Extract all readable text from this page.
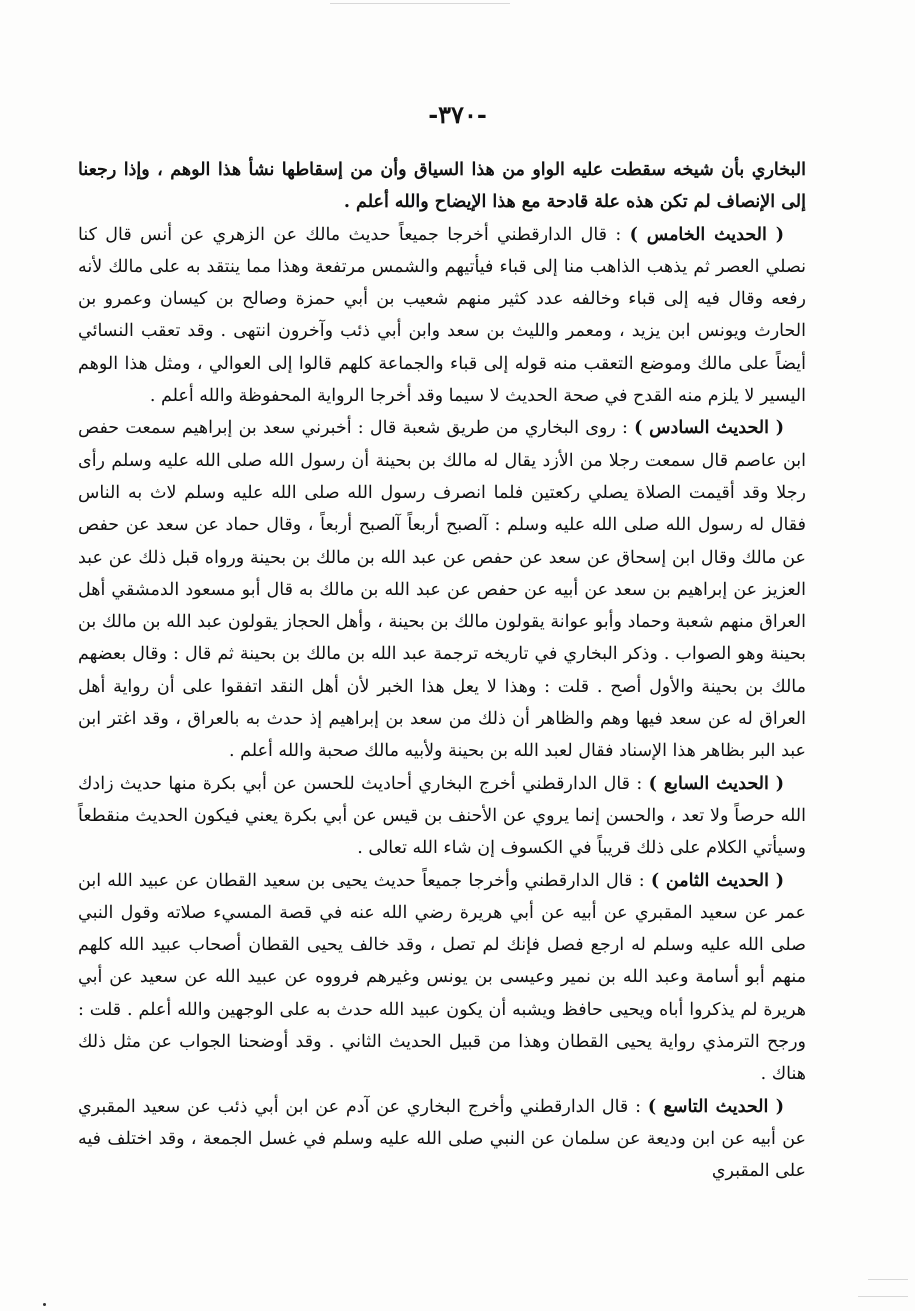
-٣٧٠-

البخاري بأن شيخه سقطت عليه الواو من هذا السياق وأن من إسقاطها نشأ هذا الوهم ، وإذا رجعنا إلى الإنصاف لم تكن هذه علة قادحة مع هذا الإيضاح والله أعلم .

( الحديث الخامس ) : قال الدارقطني أخرجا جميعاً حديث مالك عن الزهري عن أنس قال كنا نصلي العصر ثم يذهب الذاهب منا إلى قباء فيأتيهم والشمس مرتفعة وهذا مما ينتقد به على مالك لأنه رفعه وقال فيه إلى قباء وخالفه عدد كثير منهم شعيب بن أبي حمزة وصالح بن كيسان وعمرو بن الحارث ويونس ابن يزيد ، ومعمر والليث بن سعد وابن أبي ذئب وآخرون انتهى . وقد تعقب النسائي أيضاً على مالك وموضع التعقب منه قوله إلى قباء والجماعة كلهم قالوا إلى العوالي ، ومثل هذا الوهم اليسير لا يلزم منه القدح في صحة الحديث لا سيما وقد أخرجا الرواية المحفوظة والله أعلم .

( الحديث السادس ) : روى البخاري من طريق شعبة قال : أخبرني سعد بن إبراهيم سمعت حفص ابن عاصم قال سمعت رجلا من الأزد يقال له مالك بن بحينة أن رسول الله صلى الله عليه وسلم رأى رجلا وقد أقيمت الصلاة يصلي ركعتين فلما انصرف رسول الله صلى الله عليه وسلم لاث به الناس فقال له رسول الله صلى الله عليه وسلم : آلصبح أربعاً آلصبح أربعاً ، وقال حماد عن سعد عن حفص عن مالك وقال ابن إسحاق عن سعد عن حفص عن عبد الله بن مالك بن بحينة ورواه قبل ذلك عن عبد العزيز عن إبراهيم بن سعد عن أبيه عن حفص عن عبد الله بن مالك به قال أبو مسعود الدمشقي أهل العراق منهم شعبة وحماد وأبو عوانة يقولون مالك بن بحينة ، وأهل الحجاز يقولون عبد الله بن مالك بن بحينة وهو الصواب . وذكر البخاري في تاريخه ترجمة عبد الله بن مالك بن بحينة ثم قال : وقال بعضهم مالك بن بحينة والأول أصح . قلت : وهذا لا يعل هذا الخبر لأن أهل النقد اتفقوا على أن رواية أهل العراق له عن سعد فيها وهم والظاهر أن ذلك من سعد بن إبراهيم إذ حدث به بالعراق ، وقد اغتر ابن عبد البر بظاهر هذا الإسناد فقال لعبد الله بن بحينة ولأبيه مالك صحبة والله أعلم .

( الحديث السابع ) : قال الدارقطني أخرج البخاري أحاديث للحسن عن أبي بكرة منها حديث زادك الله حرصاً ولا تعد ، والحسن إنما يروي عن الأحنف بن قيس عن أبي بكرة يعني فيكون الحديث منقطعاً وسيأتي الكلام على ذلك قريباً في الكسوف إن شاء الله تعالى .

( الحديث الثامن ) : قال الدارقطني وأخرجا جميعاً حديث يحيى بن سعيد القطان عن عبيد الله ابن عمر عن سعيد المقبري عن أبيه عن أبي هريرة رضي الله عنه في قصة المسيء صلاته وقول النبي صلى الله عليه وسلم له ارجع فصل فإنك لم تصل ، وقد خالف يحيى القطان أصحاب عبيد الله كلهم منهم أبو أسامة وعبد الله بن نمير وعيسى بن يونس وغيرهم فرووه عن عبيد الله عن سعيد عن أبي هريرة لم يذكروا أباه ويحيى حافظ ويشبه أن يكون عبيد الله حدث به على الوجهين والله أعلم . قلت : ورجح الترمذي رواية يحيى القطان وهذا من قبيل الحديث الثاني . وقد أوضحنا الجواب عن مثل ذلك هناك .

( الحديث التاسع ) : قال الدارقطني وأخرج البخاري عن آدم عن ابن أبي ذئب عن سعيد المقبري عن أبيه عن ابن وديعة عن سلمان عن النبي صلى الله عليه وسلم في غسل الجمعة ، وقد اختلف فيه على المقبري
